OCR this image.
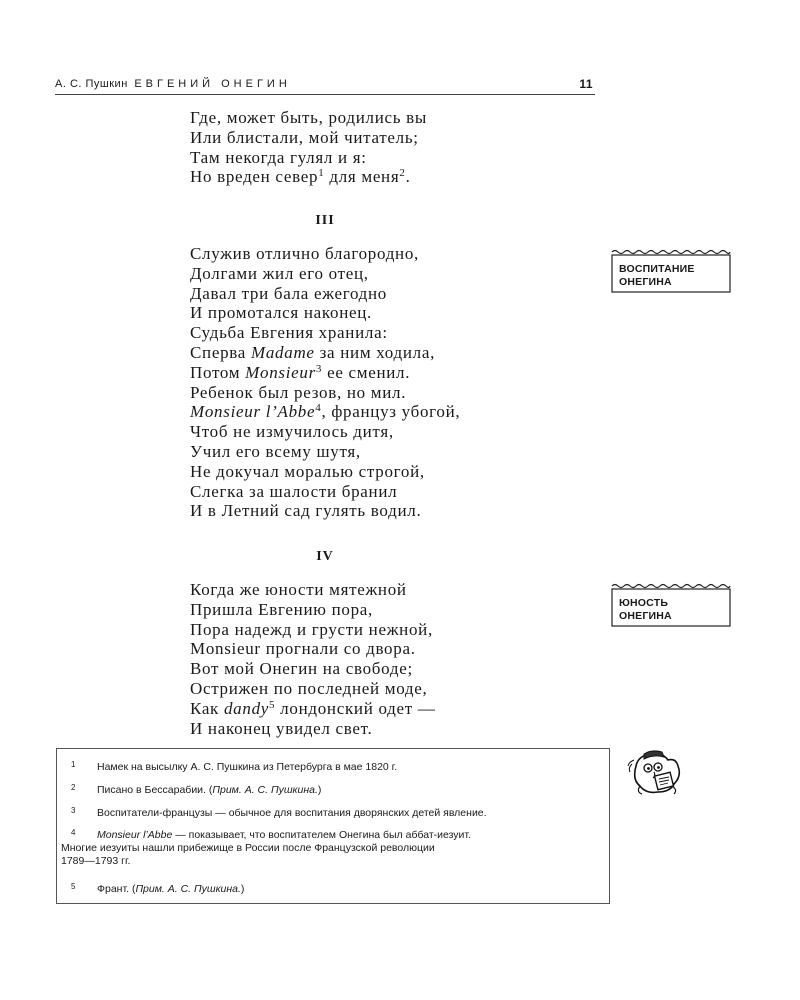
А. С. Пушкин ЕВГЕНИЙ ОНЕГИН	11
Где, может быть, родились вы
Или блистали, мой читатель;
Там некогда гулял и я:
Но вреден север$^1$ для меня$^2$.
III
Служив отлично благородно,
Долгами жил его отец,
Давал три бала ежегодно
И промотался наконец.
Судьба Евгения хранила:
Сперва Madame за ним ходила,
Потом Monsieur$^3$ ее сменил.
Ребенок был резов, но мил.
Monsieur l’Abbe$^4$, француз убогой,
Чтоб не измучилось дитя,
Учил его всему шутя,
Не докучал моралью строгой,
Слегка за шалости бранил
И в Летний сад гулять водил.
IV
Когда же юности мятежной
Пришла Евгению пора,
Пора надежд и грусти нежной,
Monsieur прогнали со двора.
Вот мой Онегин на свободе;
Острижен по последней моде,
Как dandy$^5$ лондонский одет —
И наконец увидел свет.
ВОСПИТАНИЕ
ОНЕГИНА
ЮНОСТЬ
ОНЕГИНА
1	Намек на высылку А. С. Пушкина из Петербурга в мае 1820 г.
2	Писано в Бессарабии. (Прим. А. С. Пушкина.)
3	Воспитатели-французы — обычное для воспитания дворянских детей явление.
4	Monsieur l’Abbe — показывает, что воспитателем Онегина был аббат-иезуит.
Многие иезуиты нашли прибежище в России после Французской революции
1789—1793 гг.
5	Франт. (Прим. А. С. Пушкина.)
